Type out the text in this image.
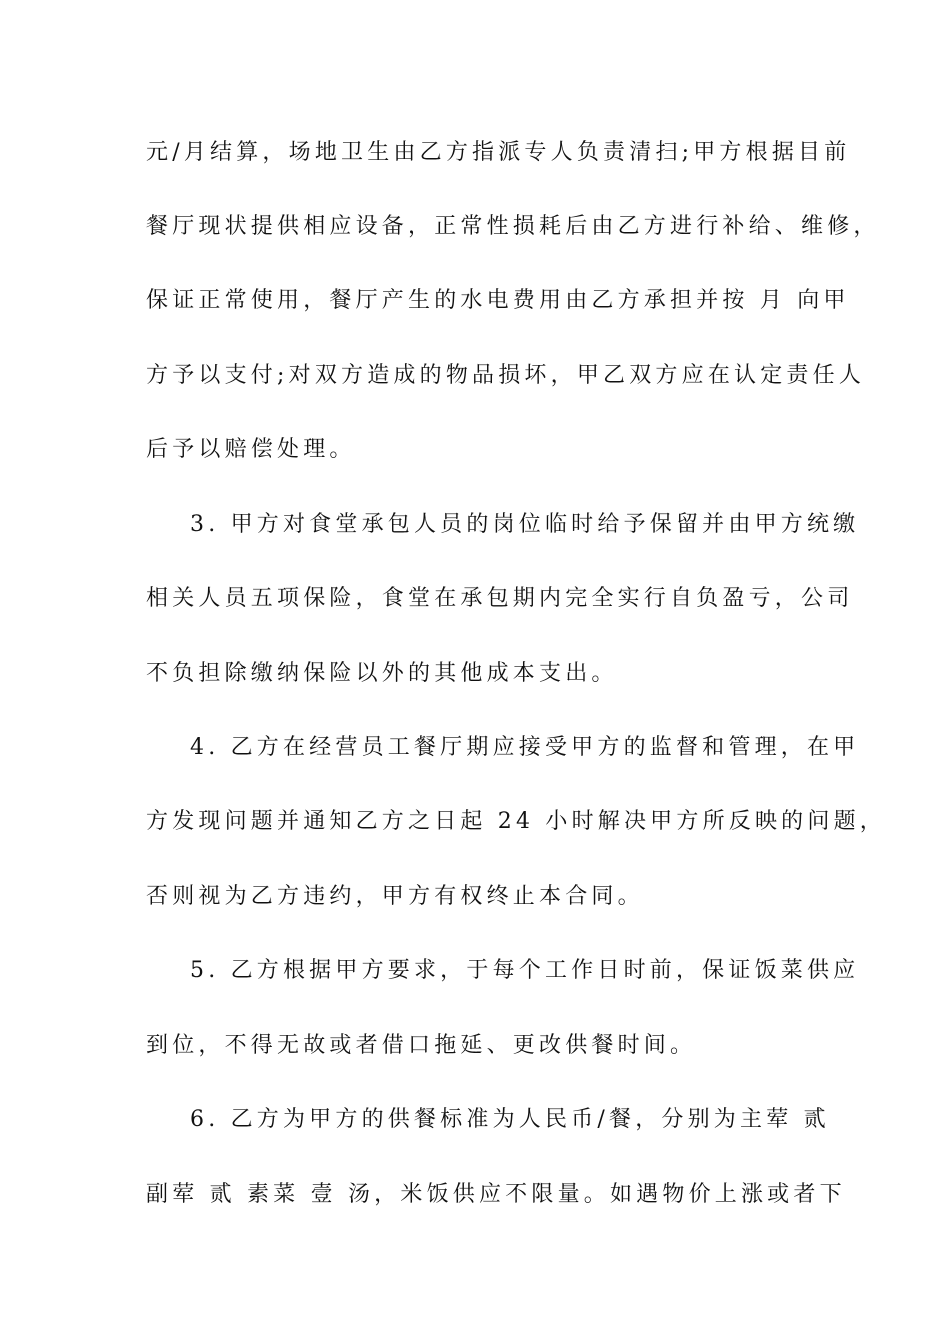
元/月结算，场地卫生由乙方指派专人负责清扫;甲方根据目前
餐厅现状提供相应设备，正常性损耗后由乙方进行补给、维修，
保证正常使用，餐厅产生的水电费用由乙方承担并按 月 向甲
方予以支付;对双方造成的物品损坏，甲乙双方应在认定责任人
后予以赔偿处理。
3. 甲方对食堂承包人员的岗位临时给予保留并由甲方统缴
相关人员五项保险，食堂在承包期内完全实行自负盈亏，公司
不负担除缴纳保险以外的其他成本支出。
4. 乙方在经营员工餐厅期应接受甲方的监督和管理，在甲
方发现问题并通知乙方之日起 24 小时解决甲方所反映的问题，
否则视为乙方违约，甲方有权终止本合同。
5. 乙方根据甲方要求，于每个工作日时前，保证饭菜供应
到位，不得无故或者借口拖延、更改供餐时间。
6. 乙方为甲方的供餐标准为人民币/餐，分别为主荤 贰
副荤 贰 素菜 壹 汤，米饭供应不限量。如遇物价上涨或者下
